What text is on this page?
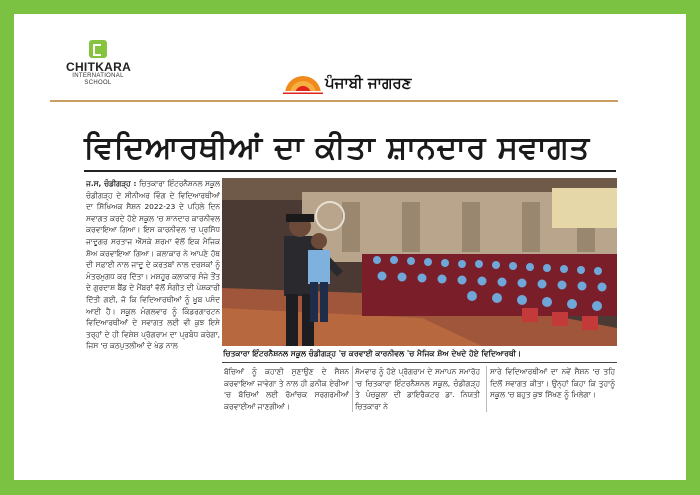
CHITKARA
INTERNATIONAL
SCHOOL	ਪੰਜਾਬੀ ਜਾਗਰਣ
ਵਿਦਿਆਰਥੀਆਂ ਦਾ ਕੀਤਾ ਸ਼ਾਨਦਾਰ ਸਵਾਗਤ
ਜ.ਸ, ਚੰਡੀਗੜ੍ਹ : ਚਿਤਕਾਰਾ ਇੰਟਰਨੈਸ਼ਨਲ ਸਕੂਲ ਚੰਡੀਗੜ੍ਹ ਦੇ ਸੀਨੀਅਰ ਵਿੰਗ ਦੇ ਵਿਦਿਆਰਥੀਆਂ ਦਾ ਸਿੱਖਿਅਕ ਸੈਸ਼ਨ 2022-23 ਦੇ ਪਹਿਲੇ ਦਿਨ ਸਵਾਗਤ ਕਰਦੇ ਹੋਏ ਸਕੂਲ 'ਚ ਸ਼ਾਨਦਾਰ ਕਾਰਨੀਵਲ ਕਰਵਾਇਆ ਗਿਆ। ਇਸ ਕਾਰਨੀਵਲ 'ਚ ਪ੍ਰਸਿੱਧ ਜਾਦੂਗਰ ਸਰਤਾਜ ਐੱਸਕੇ ਸ਼ਰਮਾ ਵੱਲੋਂ ਇਕ ਮੈਜਿਕ ਸ਼ੋਅ ਕਰਵਾਇਆ ਗਿਆ। ਕਲਾਕਾਰ ਨੇ ਆਪਣੇ ਹੱਥ ਦੀ ਸਫ਼ਾਈ ਨਾਲ ਜਾਦੂ ਦੇ ਕਰਤਬਾਂ ਨਾਲ ਦਰਸ਼ਕਾਂ ਨੂੰ ਮੰਤਰਮੁਗਧ ਕਰ ਦਿੱਤਾ। ਮਸ਼ਹੂਰ ਕਲਾਕਾਰ ਸੰਜੇ ਤੌਂਤ ਦੇ ਗੁਰਦਾਸ਼ ਬੈਂਡ ਦੇ ਮੈਂਬਰਾਂ ਵੱਲੋਂ ਸੰਗੀਤ ਦੀ ਪੇਸ਼ਕਾਰੀ ਦਿੱਤੀ ਗਈ, ਜੋ ਕਿ ਵਿਦਿਆਰਥੀਆਂ ਨੂੰ ਖ਼ੂਬ ਪਸੰਦ ਆਈ ਹੈ। ਸਕੂਲ ਮੰਗਲਵਾਰ ਨੂੰ ਕਿੰਡਰਗਾਰਟਨ ਵਿਦਿਆਰਥੀਆਂ ਦੇ ਸਵਾਗਤ ਲਈ ਵੀ ਕੁਝ ਇਸੇ ਤਰ੍ਹਾਂ ਦੇ ਹੀ ਵਿਸ਼ੇਸ਼ ਪ੍ਰੋਗਰਾਮ ਦਾ ਪ੍ਰਬੰਧ ਕਰੇਗਾ, ਜਿਸ 'ਚ ਕਠਪੁਤਲੀਆਂ ਦੇ ਖੇਡ ਨਾਲ
ਚਿਤਕਾਰਾ ਇੰਟਰਨੈਸ਼ਨਲ ਸਕੂਲ ਚੰਡੀਗੜ੍ਹ 'ਚ ਕਰਵਾਈ ਕਾਰਨੀਵਲ 'ਚ ਮੈਜਿਕ ਸ਼ੋਅ ਦੇਖਦੇ ਹੋਏ ਵਿਦਿਆਰਥੀ।
ਬੱਚਿਆਂ ਨੂੰ ਕਹਾਣੀ ਸੁਣਾਉਣ ਦੇ ਸੈਸ਼ਨ ਕਰਵਾਇਆ ਜਾਵੇਗਾ ਤੇ ਨਾਲ ਹੀ ਫ਼ਨੀਕ ਏਰੀਆ 'ਚ ਬੱਚਿਆਂ ਲਈ ਰੋਮਾਂਚਕ ਸਰਗਰਮੀਆਂ ਕਰਵਾਈਆਂ ਜਾਣਗੀਆਂ।
ਸੋਮਵਾਰ ਨੂੰ ਹੋਏ ਪ੍ਰੋਗਰਾਮ ਦੇ ਸਮਾਪਨ ਸਮਾਰੋਹ 'ਚ ਚਿਤਕਾਰਾ ਇੰਟਰਨੈਸ਼ਨਲ ਸਕੂਲ, ਚੰਡੀਗੜ੍ਹ ਤੇ ਪੰਚਕੂਲਾ ਦੀ ਡਾਇਰੈਕਟਰ ਡਾ. ਨਿਯਤੀ ਚਿਤਕਾਰਾ ਨੇ
ਸਾਰੇ ਵਿਦਿਆਰਥੀਆਂ ਦਾ ਨਵੇਂ ਸੈਸ਼ਨ 'ਚ ਤਹਿ ਦਿਲੋਂ ਸਵਾਗਤ ਕੀਤਾ। ਉਨ੍ਹਾਂ ਕਿਹਾ ਕਿ ਤੁਹਾਨੂੰ ਸਕੂਲ 'ਚ ਬਹੁਤ ਕੁਝ ਸਿੱਖਣ ਨੂੰ ਮਿਲੇਗਾ।
